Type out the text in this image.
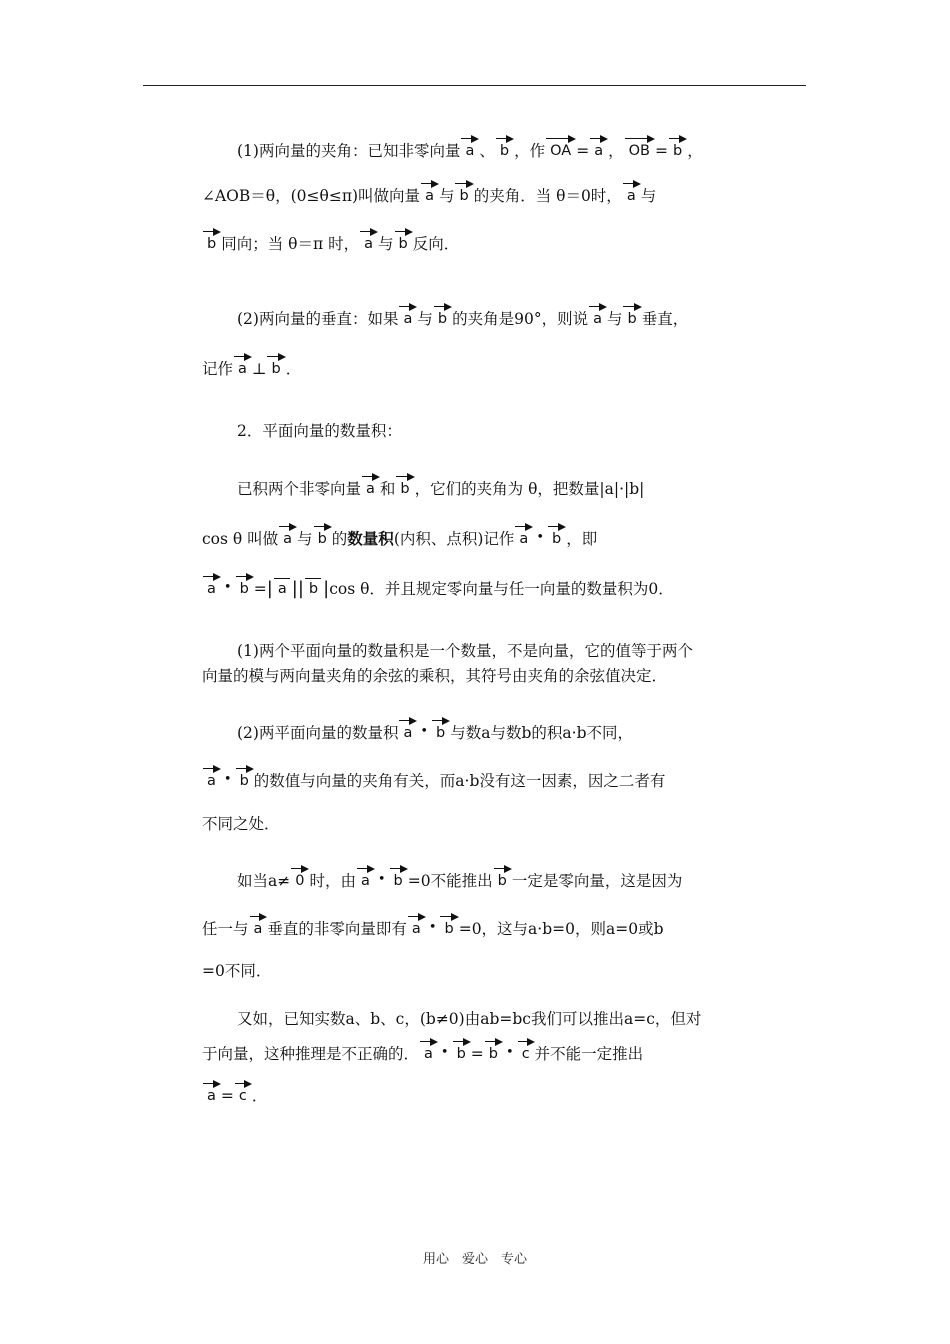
(1)两向量的夹角：已知非零向量 a 、 b ，作 OA = a ， OB = b ，
∠AOB＝θ，(0≤θ≤π)叫做向量 a 与 b 的夹角．当 θ＝0时， a 与
b 同向；当 θ＝π 时， a 与 b 反向．
(2)两向量的垂直：如果 a 与 b 的夹角是90°，则说 a 与 b 垂直，
记作 a ⊥ b ．
2．平面向量的数量积：
已积两个非零向量 a 和 b ，它们的夹角为 θ，把数量|a|·|b|
cos θ 叫做 a 与 b 的数量积(内积、点积)记作 a • b ，即
a • b =| a || b |cos θ．并且规定零向量与任一向量的数量积为0．
(1)两个平面向量的数量积是一个数量，不是向量，它的值等于两个
向量的模与两向量夹角的余弦的乘积，其符号由夹角的余弦值决定．
(2)两平面向量的数量积 a • b 与数a与数b的积a·b不同，
a • b 的数值与向量的夹角有关，而a·b没有这一因素，因之二者有
不同之处．
如当a≠ 0 时，由 a • b =0不能推出 b 一定是零向量，这是因为
任一与 a 垂直的非零向量即有 a • b =0，这与a·b=0，则a=0或b
=0不同．
又如，已知实数a、b、c，(b≠0)由ab=bc我们可以推出a=c，但对
于向量，这种推理是不正确的． a • b = b • c 并不能一定推出
a = c ．
用心　爱心　专心
